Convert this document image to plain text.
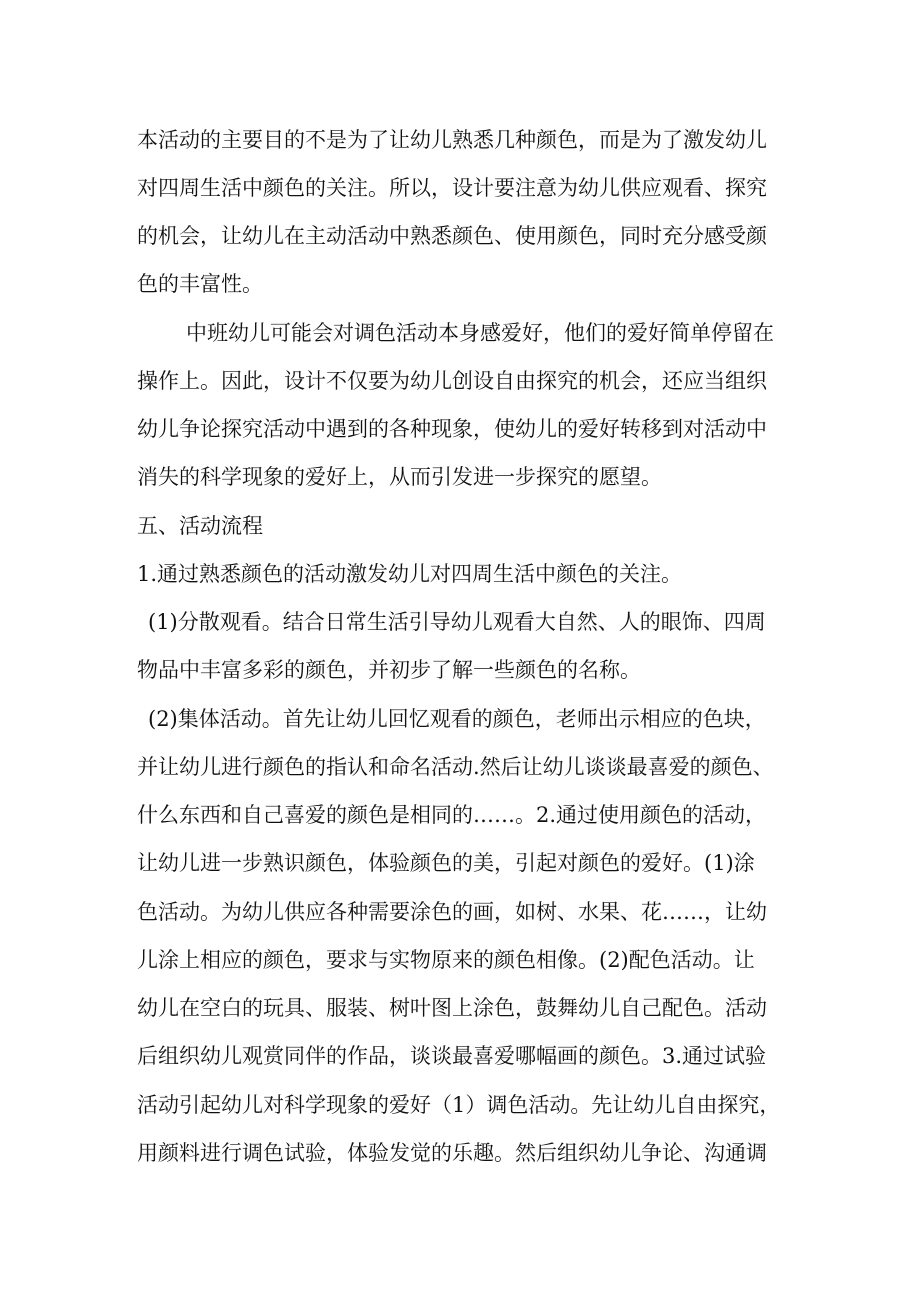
本活动的主要目的不是为了让幼儿熟悉几种颜色，而是为了激发幼儿
对四周生活中颜色的关注。所以，设计要注意为幼儿供应观看、探究
的机会，让幼儿在主动活动中熟悉颜色、使用颜色，同时充分感受颜
色的丰富性。
中班幼儿可能会对调色活动本身感爱好，他们的爱好简单停留在
操作上。因此，设计不仅要为幼儿创设自由探究的机会，还应当组织
幼儿争论探究活动中遇到的各种现象，使幼儿的爱好转移到对活动中
消失的科学现象的爱好上，从而引发进一步探究的愿望。
五、活动流程
1.通过熟悉颜色的活动激发幼儿对四周生活中颜色的关注。
(1)分散观看。结合日常生活引导幼儿观看大自然、人的眼饰、四周
物品中丰富多彩的颜色，并初步了解一些颜色的名称。
(2)集体活动。首先让幼儿回忆观看的颜色，老师出示相应的色块，
并让幼儿进行颜色的指认和命名活动.然后让幼儿谈谈最喜爱的颜色、
什么东西和自己喜爱的颜色是相同的……。2.通过使用颜色的活动，
让幼儿进一步熟识颜色，体验颜色的美，引起对颜色的爱好。(1)涂
色活动。为幼儿供应各种需要涂色的画，如树、水果、花……，让幼
儿涂上相应的颜色，要求与实物原来的颜色相像。(2)配色活动。让
幼儿在空白的玩具、服装、树叶图上涂色，鼓舞幼儿自己配色。活动
后组织幼儿观赏同伴的作品，谈谈最喜爱哪幅画的颜色。3.通过试验
活动引起幼儿对科学现象的爱好（1）调色活动。先让幼儿自由探究，
用颜料进行调色试验，体验发觉的乐趣。然后组织幼儿争论、沟通调
